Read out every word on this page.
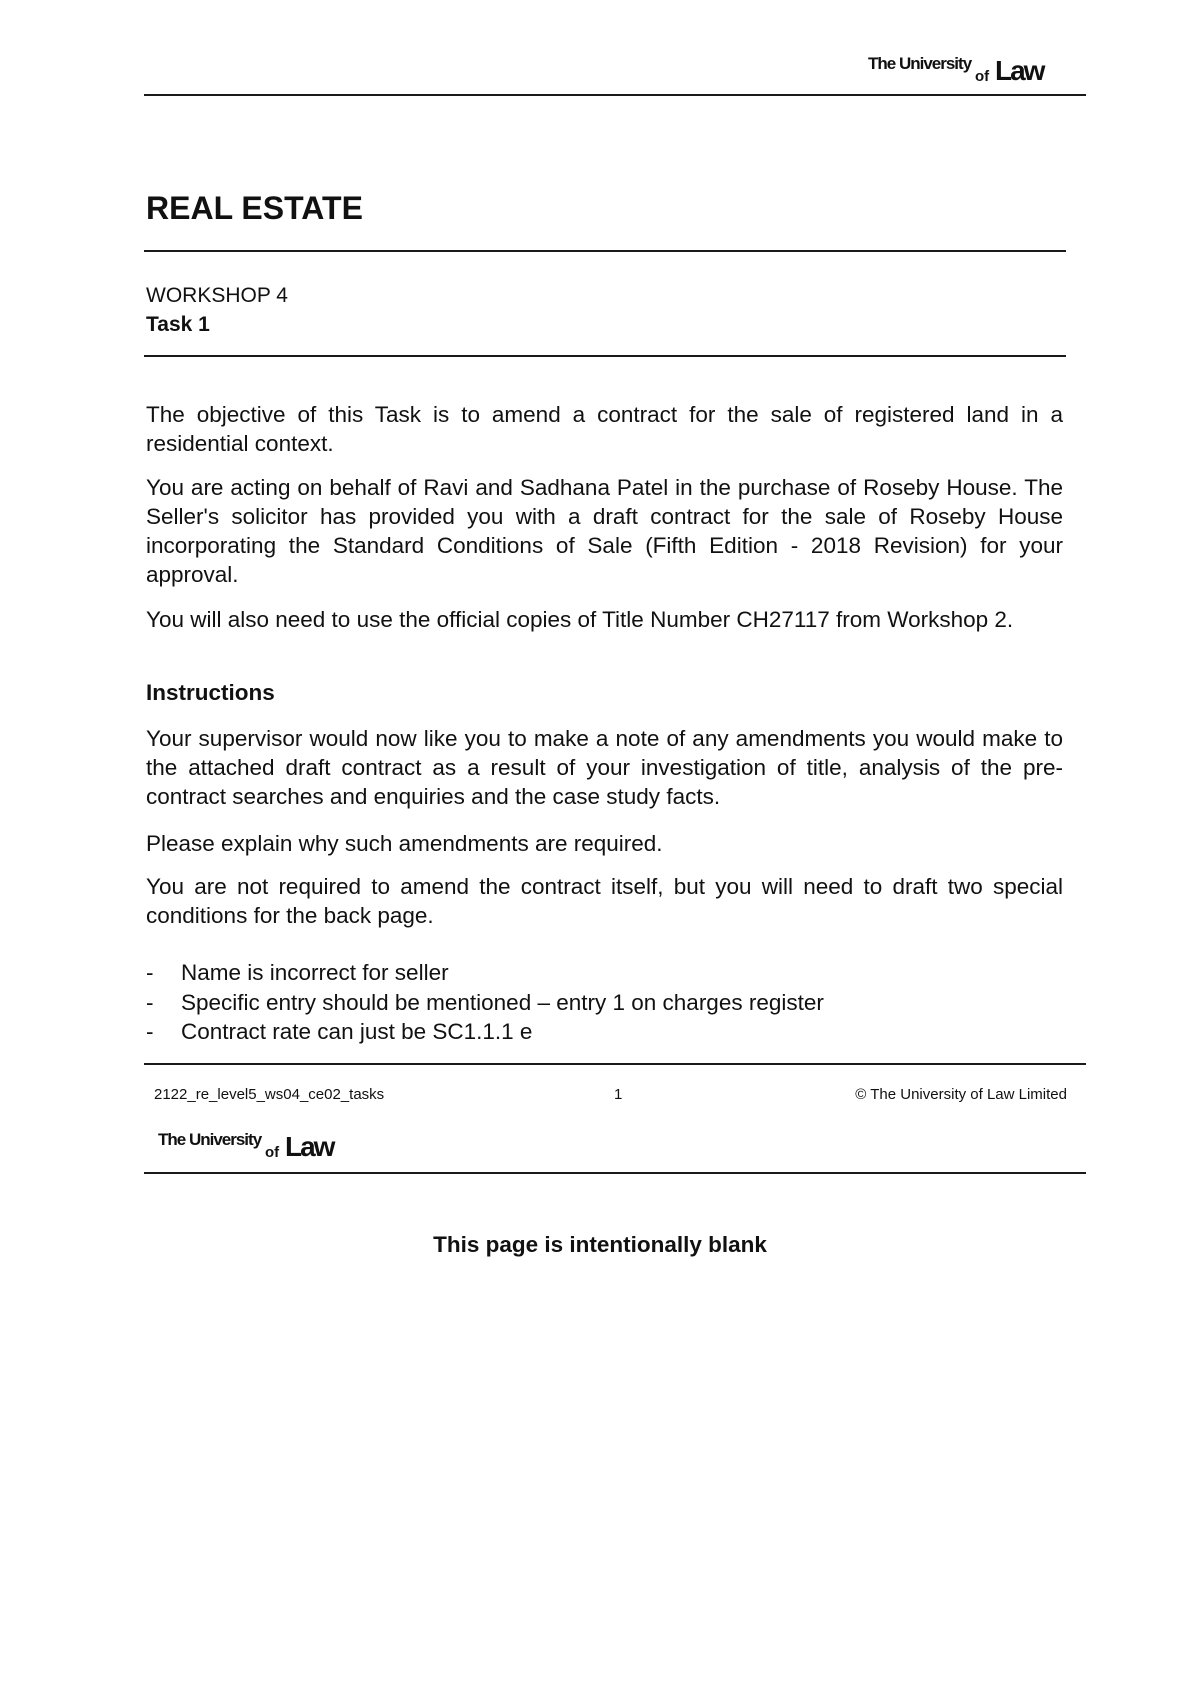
The University
of Law
REAL ESTATE
WORKSHOP 4
Task 1

The objective of this Task is to amend a contract for the sale of registered land in a residential context.

You are acting on behalf of Ravi and Sadhana Patel in the purchase of Roseby House. The Seller's solicitor has provided you with a draft contract for the sale of Roseby House incorporating the Standard Conditions of Sale (Fifth Edition - 2018 Revision) for your approval.

You will also need to use the official copies of Title Number CH27117 from Workshop 2.

Instructions

Your supervisor would now like you to make a note of any amendments you would make to the attached draft contract as a result of your investigation of title, analysis of the pre-contract searches and enquiries and the case study facts.

Please explain why such amendments are required.

You are not required to amend the contract itself, but you will need to draft two special conditions for the back page.

- Name is incorrect for seller
- Specific entry should be mentioned – entry 1 on charges register
- Contract rate can just be SC1.1.1 e
2122_re_level5_ws04_ce02_tasks	1	© The University of Law Limited
The University
of Law
This page is intentionally blank
